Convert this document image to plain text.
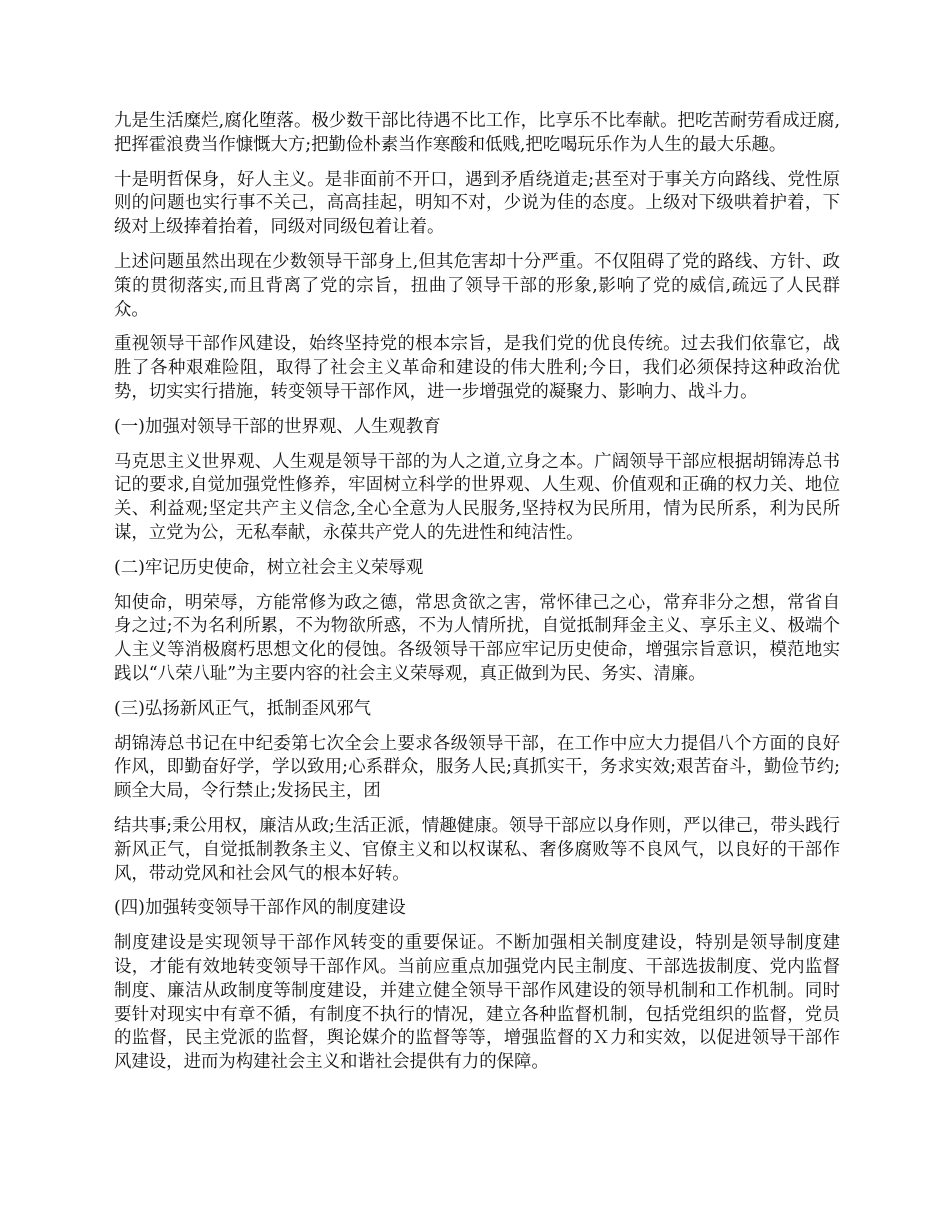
九是生活糜烂,腐化堕落。极少数干部比待遇不比工作，比享乐不比奉献。把吃苦耐劳看成迂腐,把挥霍浪费当作慷慨大方;把勤俭朴素当作寒酸和低贱,把吃喝玩乐作为人生的最大乐趣。

十是明哲保身，好人主义。是非面前不开口，遇到矛盾绕道走;甚至对于事关方向路线、党性原则的问题也实行事不关己，高高挂起，明知不对，少说为佳的态度。上级对下级哄着护着，下级对上级捧着抬着，同级对同级包着让着。

上述问题虽然出现在少数领导干部身上,但其危害却十分严重。不仅阻碍了党的路线、方针、政策的贯彻落实,而且背离了党的宗旨，扭曲了领导干部的形象,影响了党的威信,疏远了人民群众。

重视领导干部作风建设，始终坚持党的根本宗旨，是我们党的优良传统。过去我们依靠它，战胜了各种艰难险阻，取得了社会主义革命和建设的伟大胜利;今日，我们必须保持这种政治优势，切实实行措施，转变领导干部作风，进一步增强党的凝聚力、影响力、战斗力。

(一)加强对领导干部的世界观、人生观教育

马克思主义世界观、人生观是领导干部的为人之道,立身之本。广阔领导干部应根据胡锦涛总书记的要求,自觉加强党性修养，牢固树立科学的世界观、人生观、价值观和正确的权力关、地位关、利益观;坚定共产主义信念,全心全意为人民服务,坚持权为民所用，情为民所系，利为民所谋，立党为公，无私奉献，永葆共产党人的先进性和纯洁性。

(二)牢记历史使命，树立社会主义荣辱观

知使命，明荣辱，方能常修为政之德，常思贪欲之害，常怀律己之心，常弃非分之想，常省自身之过;不为名利所累，不为物欲所惑，不为人情所扰，自觉抵制拜金主义、享乐主义、极端个人主义等消极腐朽思想文化的侵蚀。各级领导干部应牢记历史使命，增强宗旨意识，模范地实践以“八荣八耻”为主要内容的社会主义荣辱观，真正做到为民、务实、清廉。

(三)弘扬新风正气，抵制歪风邪气

胡锦涛总书记在中纪委第七次全会上要求各级领导干部，在工作中应大力提倡八个方面的良好作风，即勤奋好学，学以致用;心系群众，服务人民;真抓实干，务求实效;艰苦奋斗，勤俭节约;顾全大局，令行禁止;发扬民主，团

结共事;秉公用权，廉洁从政;生活正派，情趣健康。领导干部应以身作则，严以律己，带头践行新风正气，自觉抵制教条主义、官僚主义和以权谋私、奢侈腐败等不良风气，以良好的干部作风，带动党风和社会风气的根本好转。

(四)加强转变领导干部作风的制度建设

制度建设是实现领导干部作风转变的重要保证。不断加强相关制度建设，特别是领导制度建设，才能有效地转变领导干部作风。当前应重点加强党内民主制度、干部选拔制度、党内监督制度、廉洁从政制度等制度建设，并建立健全领导干部作风建设的领导机制和工作机制。同时要针对现实中有章不循，有制度不执行的情况，建立各种监督机制，包括党组织的监督，党员的监督，民主党派的监督，舆论媒介的监督等等，增强监督的Ｘ力和实效，以促进领导干部作风建设，进而为构建社会主义和谐社会提供有力的保障。
